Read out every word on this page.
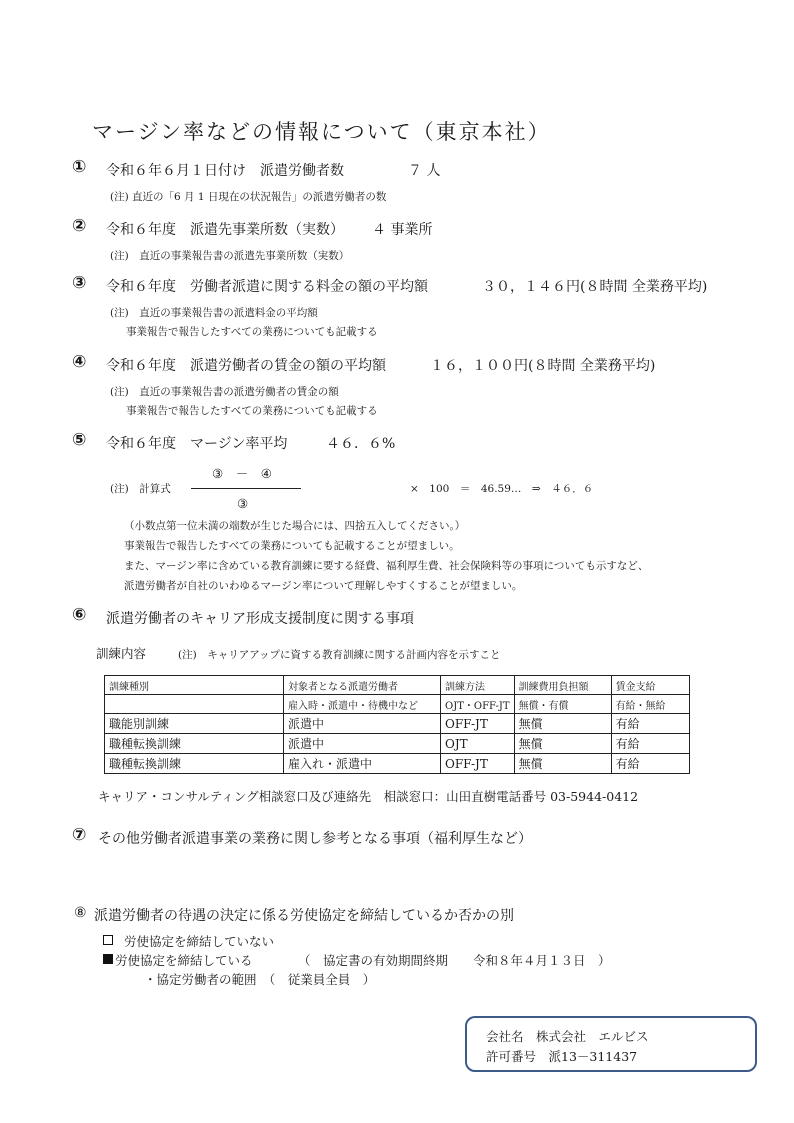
マージン率などの情報について（東京本社）
① 令和６年６月１日付け　派遣労働者数	７ 人
(注) 直近の「6 月 1 日現在の状況報告」の派遣労働者の数
② 令和６年度　派遣先事業所数（実数） ４ 事業所
(注)　直近の事業報告書の派遣先事業所数（実数）
③ 令和６年度　労働者派遣に関する料金の額の平均額	３０，１４６円(８時間 全業務平均)
(注)　直近の事業報告書の派遣料金の平均額
事業報告で報告したすべての業務についても記載する
④ 令和６年度　派遣労働者の賃金の額の平均額	１６，１００円(８時間 全業務平均)
(注)　直近の事業報告書の派遣労働者の賃金の額
事業報告で報告したすべての業務についても記載する
⑤ 令和６年度　マージン率平均	４６．６%
(注)　計算式
③　－　④
③
×　100　＝　46.59…　⇒　４６．６
（小数点第一位未満の端数が生じた場合には、四捨五入してください。）
事業報告で報告したすべての業務についても記載することが望ましい。
また、マージン率に含めている教育訓練に要する経費、福利厚生費、社会保険料等の事項についても示すなど、
派遣労働者が自社のいわゆるマージン率について理解しやすくすることが望ましい。
⑥ 派遣労働者のキャリア形成支援制度に関する事項
訓練内容	(注)　キャリアアップに資する教育訓練に関する計画内容を示すこと
訓練種別	対象者となる派遣労働者	訓練方法	訓練費用負担額	賃金支給
	雇入時・派遣中・待機中など	OJT・OFF-JT	無償・有償	有給・無給
職能別訓練	派遣中	OFF-JT	無償	有給
職種転換訓練	派遣中	OJT	無償	有給
職種転換訓練	雇入れ・派遣中	OFF-JT	無償	有給
キャリア・コンサルティング相談窓口及び連絡先　相談窓口：山田直樹電話番号 03-5944-0412
⑦ その他労働者派遣事業の業務に関し参考となる事項（福利厚生など）
⑧ 派遣労働者の待遇の決定に係る労使協定を締結しているか否かの別
労使協定を締結していない
労使協定を締結している	（　協定書の有効期間終期　　令和８年４月１３日　）
・協定労働者の範囲　（　従業員全員　）
会社名　株式会社　エルビス
許可番号　派13－311437
